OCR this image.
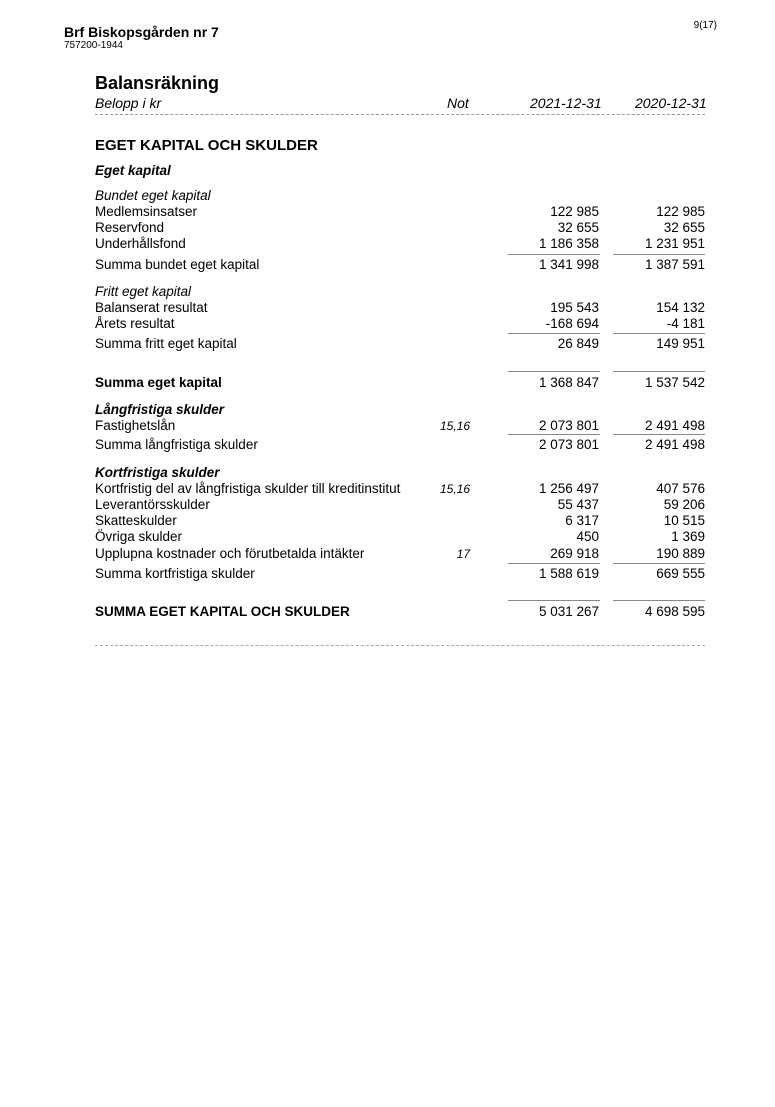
Brf Biskopsgården nr 7
757200-1944
9(17)
Balansräkning
Belopp i kr	Not	2021-12-31 2020-12-31
EGET KAPITAL OCH SKULDER
Eget kapital
Bundet eget kapital
Medlemsinsatser	122 985	122 985
Reservfond	32 655	32 655
Underhållsfond	1 186 358	1 231 951
Summa bundet eget kapital	1 341 998	1 387 591
Fritt eget kapital
Balanserat resultat	195 543	154 132
Årets resultat	-168 694	-4 181
Summa fritt eget kapital	26 849	149 951
Summa eget kapital	1 368 847	1 537 542
Långfristiga skulder
Fastighetslån	15,16	2 073 801	2 491 498
Summa långfristiga skulder	2 073 801	2 491 498
Kortfristiga skulder
Kortfristig del av långfristiga skulder till kreditinstitut	15,16	1 256 497	407 576
Leverantörsskulder	55 437	59 206
Skatteskulder	6 317	10 515
Övriga skulder	450	1 369
Upplupna kostnader och förutbetalda intäkter	17	269 918	190 889
Summa kortfristiga skulder	1 588 619	669 555
SUMMA EGET KAPITAL OCH SKULDER	5 031 267	4 698 595
